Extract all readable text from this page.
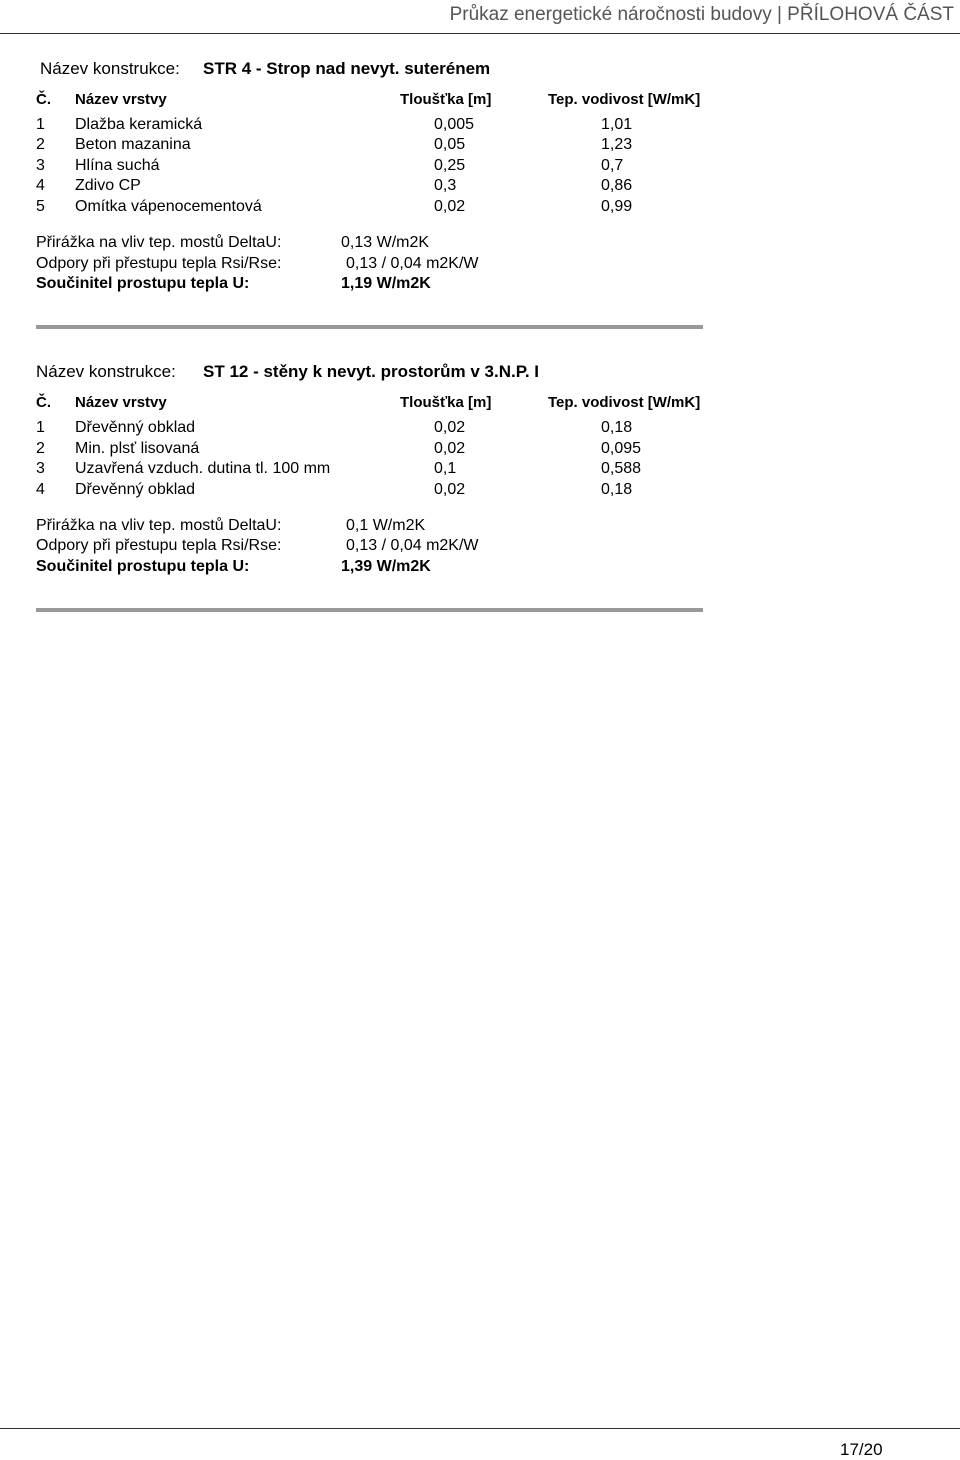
Průkaz energetické náročnosti budovy | PŘÍLOHOVÁ ČÁST
Název konstrukce: STR 4 - Strop nad nevyt. suterénem
Č. Název vrstvy	Tloušťka [m]	Tep. vodivost [W/mK]
1 Dlažba keramická	0,005	1,01
2 Beton mazanina	0,05	1,23
3 Hlína suchá	0,25	0,7
4 Zdivo CP	0,3	0,86
5 Omítka vápenocementová	0,02	0,99
Přirážka na vliv tep. mostů DeltaU:	0,13 W/m2K
Odpory při přestupu tepla Rsi/Rse:	0,13 / 0,04 m2K/W
Součinitel prostupu tepla U:	1,19 W/m2K
Název konstrukce: ST 12 - stěny k nevyt. prostorům v 3.N.P. I
Č. Název vrstvy	Tloušťka [m]	Tep. vodivost [W/mK]
1 Dřevěnný obklad	0,02	0,18
2 Min. plsť lisovaná	0,02	0,095
3 Uzavřená vzduch. dutina tl. 100 mm	0,1	0,588
4 Dřevěnný obklad	0,02	0,18
Přirážka na vliv tep. mostů DeltaU:	0,1 W/m2K
Odpory při přestupu tepla Rsi/Rse:	0,13 / 0,04 m2K/W
Součinitel prostupu tepla U:	1,39 W/m2K
17/20
